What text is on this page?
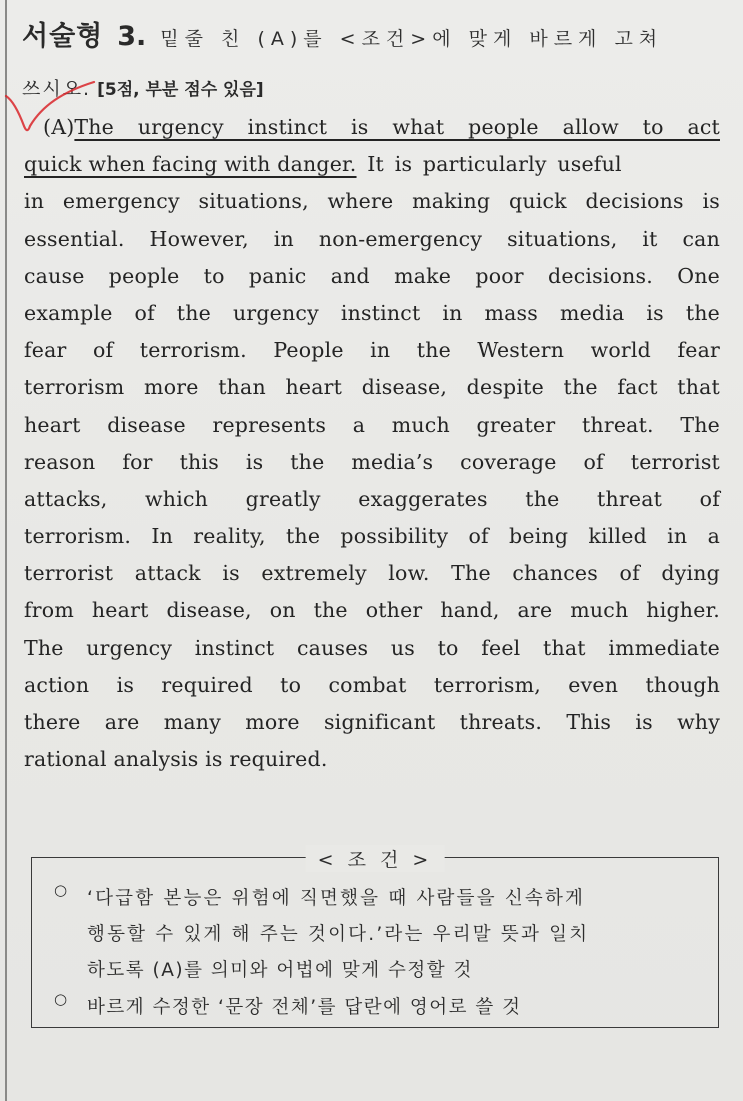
서술형 3. 밑줄 친 (A)를 <조건>에 맞게 바르게 고쳐
쓰시오. [5점, 부분 점수 있음]
(A)The urgency instinct is what people allow to act
quick when facing with danger. It is particularly useful
in emergency situations, where making quick decisions is
essential. However, in non-emergency situations, it can
cause people to panic and make poor decisions. One
example of the urgency instinct in mass media is the
fear of terrorism. People in the Western world fear
terrorism more than heart disease, despite the fact that
heart disease represents a much greater threat. The
reason for this is the media’s coverage of terrorist
attacks, which greatly exaggerates the threat of
terrorism. In reality, the possibility of being killed in a
terrorist attack is extremely low. The chances of dying
from heart disease, on the other hand, are much higher.
The urgency instinct causes us to feel that immediate
action is required to combat terrorism, even though
there are many more significant threats. This is why
rational analysis is required.
< 조 건 >
○ ‘다급함 본능은 위험에 직면했을 때 사람들을 신속하게
행동할 수 있게 해 주는 것이다.’라는 우리말 뜻과 일치
하도록 (A)를 의미와 어법에 맞게 수정할 것
○ 바르게 수정한 ‘문장 전체’를 답란에 영어로 쓸 것
